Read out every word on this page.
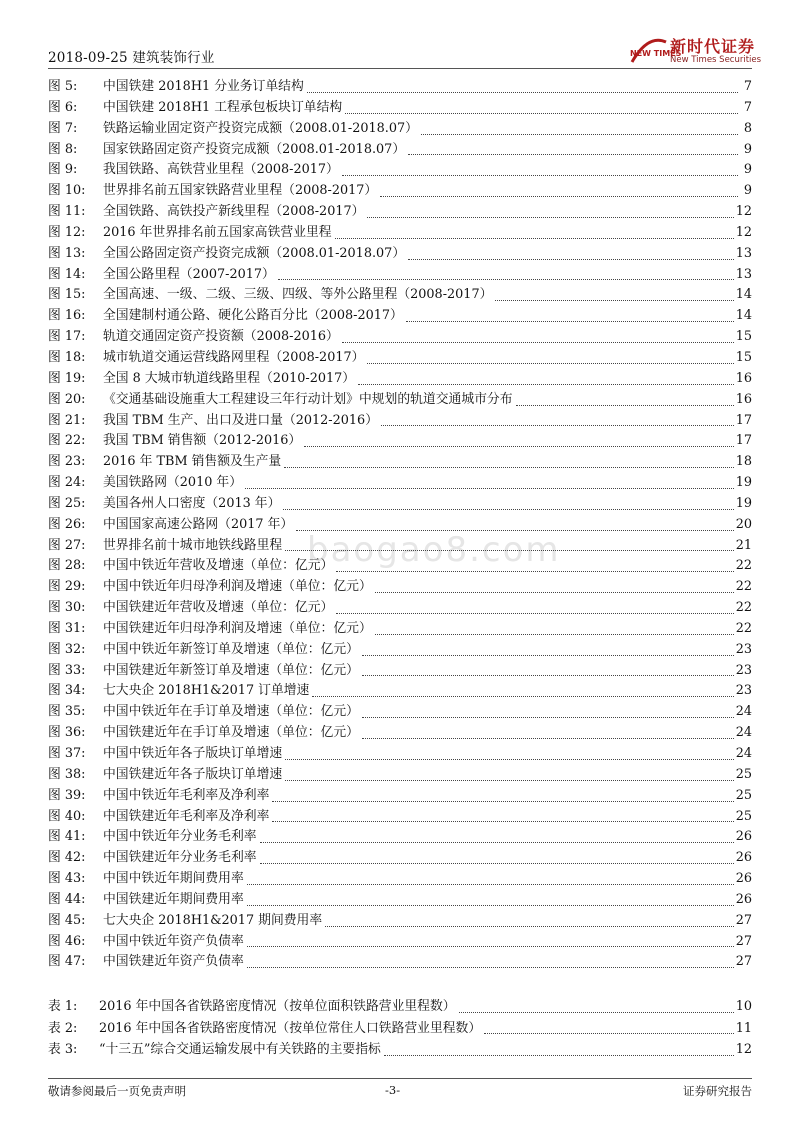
2018-09-25 建筑装饰行业	NEW TIMES
新时代证券
New Times Securities
baogao8.com
图 5:	中国铁建 2018H1 分业务订单结构	7
图 6:	中国铁建 2018H1 工程承包板块订单结构	7
图 7:	铁路运输业固定资产投资完成额（2008.01-2018.07）	8
图 8:	国家铁路固定资产投资完成额（2008.01-2018.07）	9
图 9:	我国铁路、高铁营业里程（2008-2017）	9
图 10:	世界排名前五国家铁路营业里程（2008-2017）	9
图 11:	全国铁路、高铁投产新线里程（2008-2017）	12
图 12:	2016 年世界排名前五国家高铁营业里程	12
图 13:	全国公路固定资产投资完成额（2008.01-2018.07）	13
图 14:	全国公路里程（2007-2017）	13
图 15:	全国高速、一级、二级、三级、四级、等外公路里程（2008-2017）	14
图 16:	全国建制村通公路、硬化公路百分比（2008-2017）	14
图 17:	轨道交通固定资产投资额（2008-2016）	15
图 18:	城市轨道交通运营线路网里程（2008-2017）	15
图 19:	全国 8 大城市轨道线路里程（2010-2017）	16
图 20:	《交通基础设施重大工程建设三年行动计划》中规划的轨道交通城市分布	16
图 21:	我国 TBM 生产、出口及进口量（2012-2016）	17
图 22:	我国 TBM 销售额（2012-2016）	17
图 23:	2016 年 TBM 销售额及生产量	18
图 24:	美国铁路网（2010 年）	19
图 25:	美国各州人口密度（2013 年）	19
图 26:	中国国家高速公路网（2017 年）	20
图 27:	世界排名前十城市地铁线路里程	21
图 28:	中国中铁近年营收及增速（单位：亿元）	22
图 29:	中国中铁近年归母净利润及增速（单位：亿元）	22
图 30:	中国铁建近年营收及增速（单位：亿元）	22
图 31:	中国铁建近年归母净利润及增速（单位：亿元）	22
图 32:	中国中铁近年新签订单及增速（单位：亿元）	23
图 33:	中国铁建近年新签订单及增速（单位：亿元）	23
图 34:	七大央企 2018H1&2017 订单增速	23
图 35:	中国中铁近年在手订单及增速（单位：亿元）	24
图 36:	中国铁建近年在手订单及增速（单位：亿元）	24
图 37:	中国中铁近年各子版块订单增速	24
图 38:	中国铁建近年各子版块订单增速	25
图 39:	中国中铁近年毛利率及净利率	25
图 40:	中国铁建近年毛利率及净利率	25
图 41:	中国中铁近年分业务毛利率	26
图 42:	中国铁建近年分业务毛利率	26
图 43:	中国中铁近年期间费用率	26
图 44:	中国铁建近年期间费用率	26
图 45:	七大央企 2018H1&2017 期间费用率	27
图 46:	中国中铁近年资产负债率	27
图 47:	中国铁建近年资产负债率	27
表 1:	2016 年中国各省铁路密度情况（按单位面积铁路营业里程数）	10
表 2:	2016 年中国各省铁路密度情况（按单位常住人口铁路营业里程数）	11
表 3:	“十三五”综合交通运输发展中有关铁路的主要指标	12
敬请参阅最后一页免责声明	-3-	证券研究报告
